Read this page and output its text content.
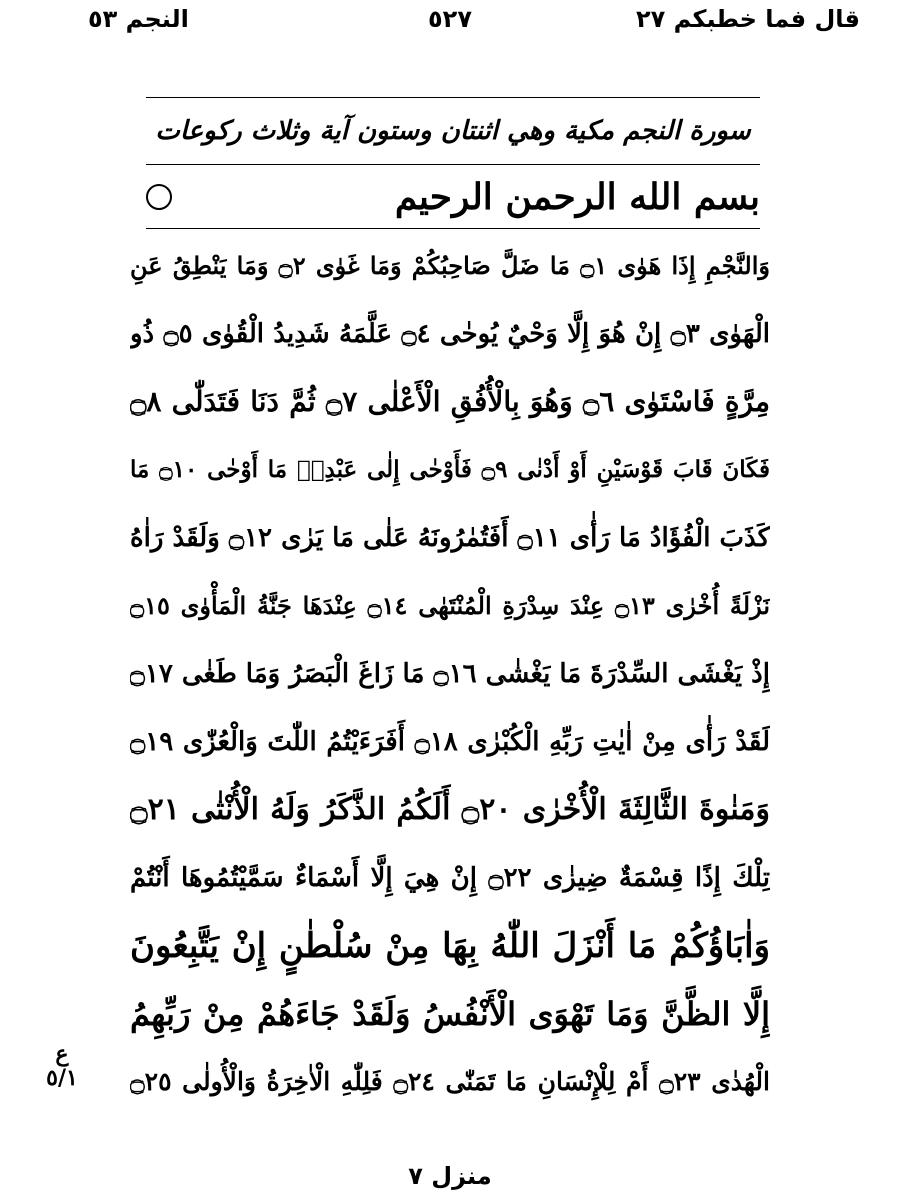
قال فما خطبكم ٢٧
٥٢٧
النجم ٥٣
سورة النجم مكية وهي اثنتان وستون آية وثلاث ركوعات
بسم الله الرحمن الرحيم
وَالنَّجْمِ إِذَا هَوٰى ۝١ مَا ضَلَّ صَاحِبُكُمْ وَمَا غَوٰى ۝٢ وَمَا يَنْطِقُ عَنِ
الْهَوٰى ۝٣ إِنْ هُوَ إِلَّا وَحْيٌ يُوحٰى ۝٤ عَلَّمَهُ شَدِيدُ الْقُوٰى ۝٥ ذُو
مِرَّةٍ فَاسْتَوٰى ۝٦ وَهُوَ بِالْأُفُقِ الْأَعْلٰى ۝٧ ثُمَّ دَنَا فَتَدَلّٰى ۝٨
فَكَانَ قَابَ قَوْسَيْنِ أَوْ أَدْنٰى ۝٩ فَأَوْحٰى إِلٰى عَبْدِهٖ مَا أَوْحٰى ۝١٠ مَا
كَذَبَ الْفُؤَادُ مَا رَأٰى ۝١١ أَفَتُمٰرُونَهُ عَلٰى مَا يَرٰى ۝١٢ وَلَقَدْ رَاٰهُ
نَزْلَةً أُخْرٰى ۝١٣ عِنْدَ سِدْرَةِ الْمُنْتَهٰى ۝١٤ عِنْدَهَا جَنَّةُ الْمَأْوٰى ۝١٥
إِذْ يَغْشَى السِّدْرَةَ مَا يَغْشٰى ۝١٦ مَا زَاغَ الْبَصَرُ وَمَا طَغٰى ۝١٧
لَقَدْ رَأٰى مِنْ اٰيٰتِ رَبِّهِ الْكُبْرٰى ۝١٨ أَفَرَءَيْتُمُ اللّٰتَ وَالْعُزّٰى ۝١٩
وَمَنٰوةَ الثَّالِثَةَ الْأُخْرٰى ۝٢٠ أَلَكُمُ الذَّكَرُ وَلَهُ الْأُنْثٰى ۝٢١
تِلْكَ إِذًا قِسْمَةٌ ضِيزٰى ۝٢٢ إِنْ هِيَ إِلَّا أَسْمَاءٌ سَمَّيْتُمُوهَا أَنْتُمْ
وَاٰبَاؤُكُمْ مَا أَنْزَلَ اللّٰهُ بِهَا مِنْ سُلْطٰنٍ إِنْ يَتَّبِعُونَ
إِلَّا الظَّنَّ وَمَا تَهْوَى الْأَنْفُسُ وَلَقَدْ جَاءَهُمْ مِنْ رَبِّهِمُ
الْهُدٰى ۝٢٣ أَمْ لِلْإِنْسَانِ مَا تَمَنّٰى ۝٢٤ فَلِلّٰهِ الْاٰخِرَةُ وَالْأُولٰى ۝٢٥
ع ٥/١
منزل ٧
